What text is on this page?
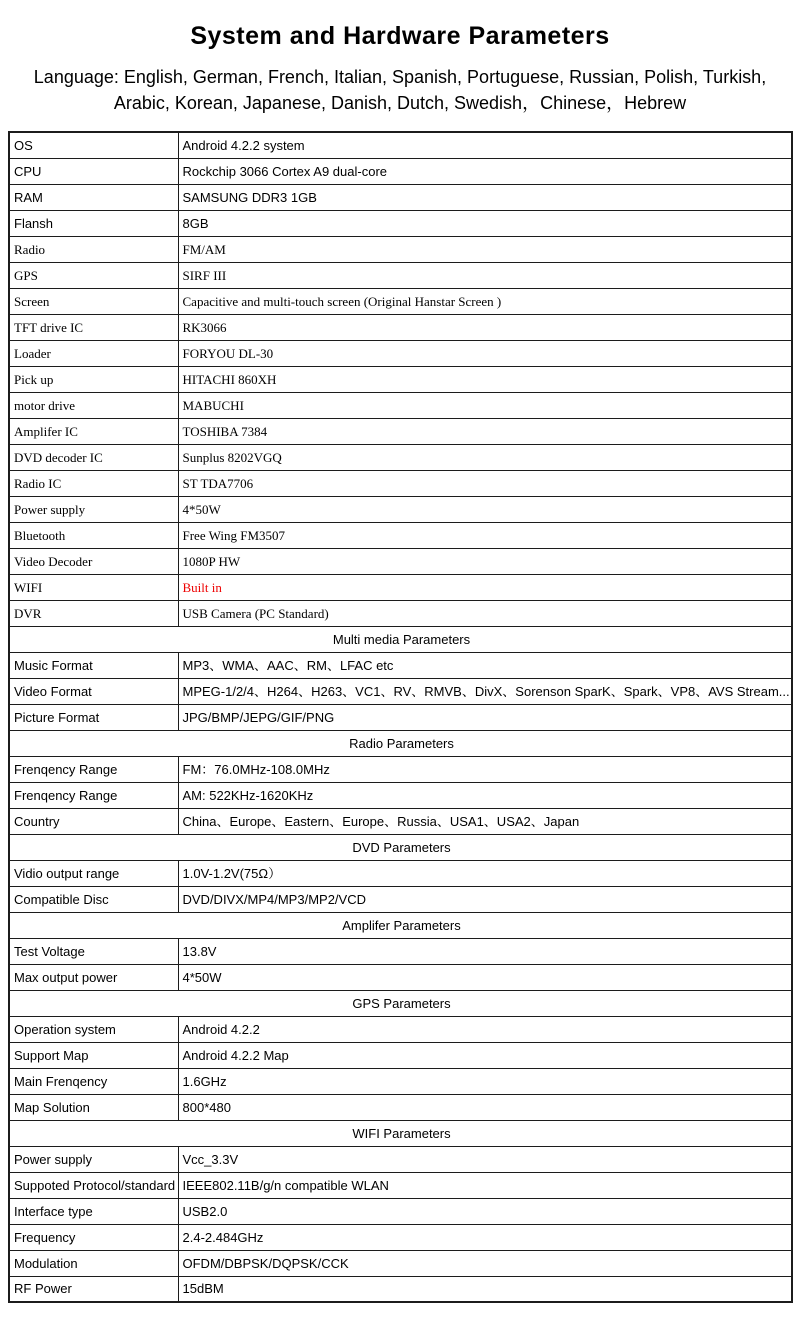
System and Hardware Parameters
Language: English, German, French, Italian, Spanish, Portuguese, Russian, Polish, Turkish,
Arabic, Korean, Japanese, Danish, Dutch, Swedish，Chinese，Hebrew
OS	Android 4.2.2 system
CPU	Rockchip 3066 Cortex A9 dual-core
RAM	SAMSUNG DDR3 1GB
Flansh	8GB
Radio	FM/AM
GPS	SIRF III
Screen	Capacitive and multi-touch screen (Original Hanstar Screen )
TFT drive IC	RK3066
Loader	FORYOU DL-30
Pick up	HITACHI 860XH
motor drive	MABUCHI
Amplifer IC	TOSHIBA 7384
DVD decoder IC	Sunplus 8202VGQ
Radio IC	ST TDA7706
Power supply	4*50W
Bluetooth	Free Wing FM3507
Video Decoder	1080P HW
WIFI	Built in
DVR	USB Camera (PC Standard)
Multi media Parameters	
Music Format	MP3、WMA、AAC、RM、LFAC etc
Video Format	MPEG-1/2/4、H264、H263、VC1、RV、RMVB、DivX、Sorenson SparK、Spark、VP8、AVS Stream...
Picture Format	JPG/BMP/JEPG/GIF/PNG
Radio Parameters	
Frenqency Range	FM：76.0MHz-108.0MHz
Frenqency Range	AM: 522KHz-1620KHz
Country	China、Europe、Eastern、Europe、Russia、USA1、USA2、Japan
DVD Parameters	
Vidio output range	1.0V-1.2V(75Ω）
Compatible Disc	DVD/DIVX/MP4/MP3/MP2/VCD
Amplifer Parameters	
Test Voltage	13.8V
Max output power	4*50W
GPS Parameters	
Operation system	Android 4.2.2
Support Map	Android 4.2.2 Map
Main Frenqency	1.6GHz
Map Solution	800*480
WIFI Parameters	
Power supply	Vcc_3.3V
Suppoted Protocol/standard	IEEE802.11B/g/n compatible WLAN
Interface type	USB2.0
Frequency	2.4-2.484GHz
Modulation	OFDM/DBPSK/DQPSK/CCK
RF Power	15dBM
